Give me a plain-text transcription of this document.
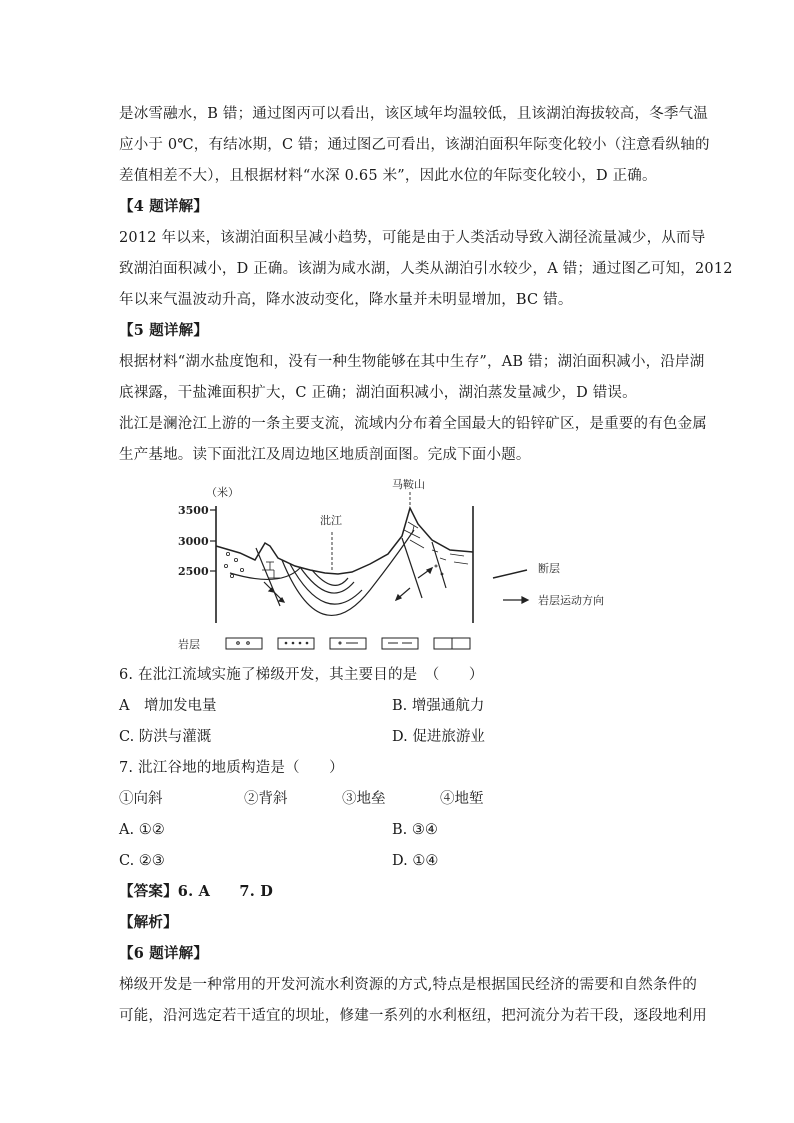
是冰雪融水，B 错；通过图丙可以看出，该区域年均温较低，且该湖泊海拔较高，冬季气温
应小于 0℃，有结冰期，C 错；通过图乙可看出，该湖泊面积年际变化较小（注意看纵轴的
差值相差不大），且根据材料“水深 0.65 米”，因此水位的年际变化较小，D 正确。
【4 题详解】
2012 年以来，该湖泊面积呈减小趋势，可能是由于人类活动导致入湖径流量减少，从而导
致湖泊面积减小，D 正确。该湖为咸水湖，人类从湖泊引水较少，A 错；通过图乙可知，2012
年以来气温波动升高，降水波动变化，降水量并未明显增加，BC 错。
【5 题详解】
根据材料“湖水盐度饱和，没有一种生物能够在其中生存”，AB 错；湖泊面积减小，沿岸湖
底裸露，干盐滩面积扩大，C 正确；湖泊面积减小，湖泊蒸发量减少，D 错误。
沘江是澜沧江上游的一条主要支流，流域内分布着全国最大的铅锌矿区，是重要的有色金属
生产基地。读下面沘江及周边地区地质剖面图。完成下面小题。
（米）
3500
3000
2500
沘江
马鞍山
断层
岩层运动方向
岩层
6. 在沘江流域实施了梯级开发，其主要目的是　（　　）
A　增加发电量	B. 增强通航力
C. 防洪与灌溉	D. 促进旅游业
7. 沘江谷地的地质构造是（　　）
①向斜	②背斜	③地垒	④地堑
A. ①②	B. ③④
C. ②③	D. ①④
【答案】6. A　　7. D
【解析】
【6 题详解】
梯级开发是一种常用的开发河流水利资源的方式,特点是根据国民经济的需要和自然条件的
可能，沿河选定若干适宜的坝址，修建一系列的水利枢纽，把河流分为若干段，逐段地利用
